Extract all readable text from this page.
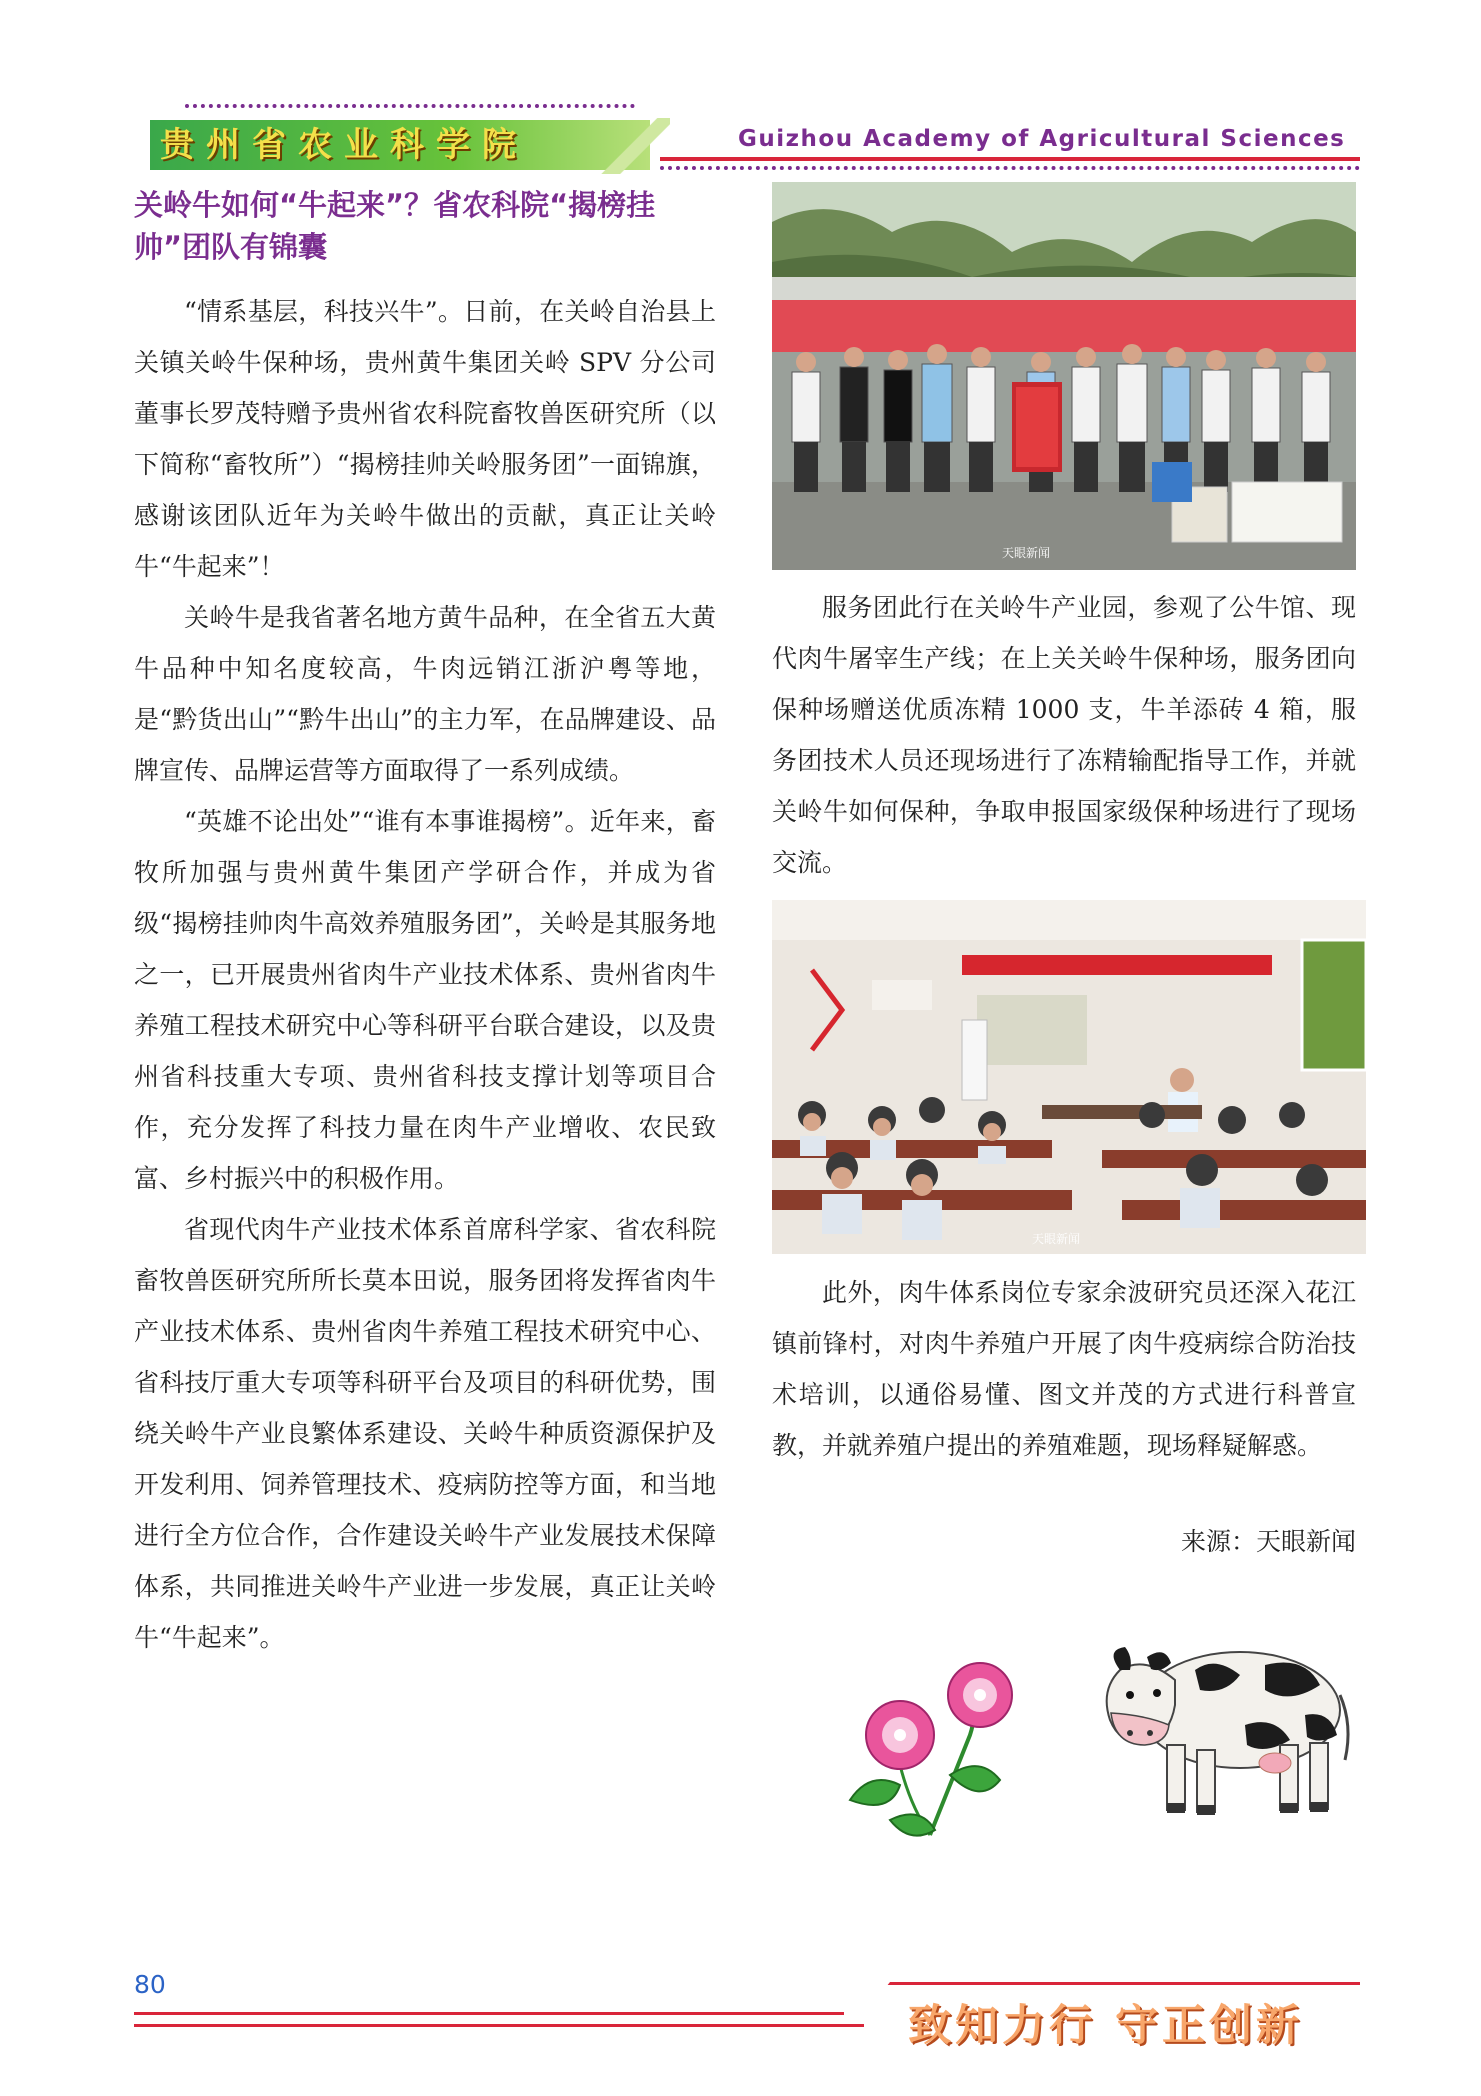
贵州省农业科学院	Guizhou Academy of Agricultural Sciences
关岭牛如何“牛起来”？省农科院“揭榜挂帅”团队有锦囊

“情系基层，科技兴牛”。日前，在关岭自治县上关镇关岭牛保种场，贵州黄牛集团关岭 SPV 分公司董事长罗茂特赠予贵州省农科院畜牧兽医研究所（以下简称“畜牧所”）“揭榜挂帅关岭服务团”一面锦旗，感谢该团队近年为关岭牛做出的贡献，真正让关岭牛“牛起来”！

关岭牛是我省著名地方黄牛品种，在全省五大黄牛品种中知名度较高，牛肉远销江浙沪粤等地，是“黔货出山”“黔牛出山”的主力军，在品牌建设、品牌宣传、品牌运营等方面取得了一系列成绩。

“英雄不论出处”“谁有本事谁揭榜”。近年来，畜牧所加强与贵州黄牛集团产学研合作，并成为省级“揭榜挂帅肉牛高效养殖服务团”，关岭是其服务地之一，已开展贵州省肉牛产业技术体系、贵州省肉牛养殖工程技术研究中心等科研平台联合建设，以及贵州省科技重大专项、贵州省科技支撑计划等项目合作，充分发挥了科技力量在肉牛产业增收、农民致富、乡村振兴中的积极作用。

省现代肉牛产业技术体系首席科学家、省农科院畜牧兽医研究所所长莫本田说，服务团将发挥省肉牛产业技术体系、贵州省肉牛养殖工程技术研究中心、省科技厅重大专项等科研平台及项目的科研优势，围绕关岭牛产业良繁体系建设、关岭牛种质资源保护及开发利用、饲养管理技术、疫病防控等方面，和当地进行全方位合作，合作建设关岭牛产业发展技术保障体系，共同推进关岭牛产业进一步发展，真正让关岭牛“牛起来”。

天眼新闻

服务团此行在关岭牛产业园，参观了公牛馆、现代肉牛屠宰生产线；在上关关岭牛保种场，服务团向保种场赠送优质冻精 1000 支，牛羊添砖 4 箱，服务团技术人员还现场进行了冻精输配指导工作，并就关岭牛如何保种，争取申报国家级保种场进行了现场交流。

天眼新闻

此外，肉牛体系岗位专家余波研究员还深入花江镇前锋村，对肉牛养殖户开展了肉牛疫病综合防治技术培训，以通俗易懂、图文并茂的方式进行科普宣教，并就养殖户提出的养殖难题，现场释疑解惑。

来源：天眼新闻
80
致知力行 守正创新
